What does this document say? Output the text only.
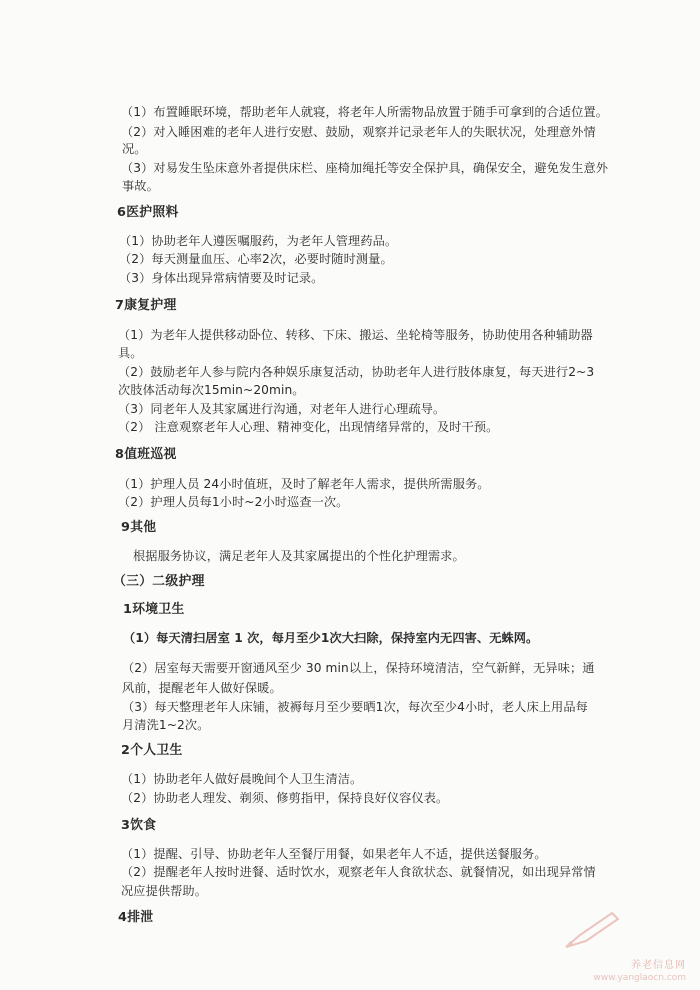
（1）布置睡眠环境，帮助老年人就寝，将老年人所需物品放置于随手可拿到的合适位置。
（2）对入睡困难的老年人进行安慰、鼓励，观察并记录老年人的失眠状况，处理意外情
况。
（3）对易发生坠床意外者提供床栏、座椅加绳托等安全保护具，确保安全，避免发生意外
事故。
6医护照料
（1）协助老年人遵医嘱服药，为老年人管理药品。
（2）每天测量血压、心率2次，必要时随时测量。
（3）身体出现异常病情要及时记录。
7康复护理
（1）为老年人提供移动卧位、转移、下床、搬运、坐轮椅等服务，协助使用各种辅助器
具。
（2）鼓励老年人参与院内各种娱乐康复活动，协助老年人进行肢体康复，每天进行2~3
次肢体活动每次15min~20min。
（3）同老年人及其家属进行沟通，对老年人进行心理疏导。
（2） 注意观察老年人心理、精神变化，出现情绪异常的，及时干预。
8值班巡视
（1）护理人员 24小时值班，及时了解老年人需求，提供所需服务。
（2）护理人员每1小时~2小时巡查一次。
9其他
根据服务协议，满足老年人及其家属提出的个性化护理需求。
（三）二级护理
1环境卫生
（1）每天清扫居室 1 次，每月至少1次大扫除，保持室内无四害、无蛛网。
（2）居室每天需要开窗通风至少 30 min以上，保持环境清洁，空气新鲜，无异味；通
风前，提醒老年人做好保暖。
（3）每天整理老年人床铺，被褥每月至少要晒1次，每次至少4小时，老人床上用品每
月清洗1~2次。
2个人卫生
（1）协助老年人做好晨晚间个人卫生清洁。
（2）协助老人理发、剃须、修剪指甲，保持良好仪容仪表。
3饮食
（1）提醒、引导、协助老年人至餐厅用餐，如果老年人不适，提供送餐服务。
（2）提醒老年人按时进餐、适时饮水，观察老年人食欲状态、就餐情况，如出现异常情
况应提供帮助。
4排泄
养老信息网
www.yanglaocn.com
